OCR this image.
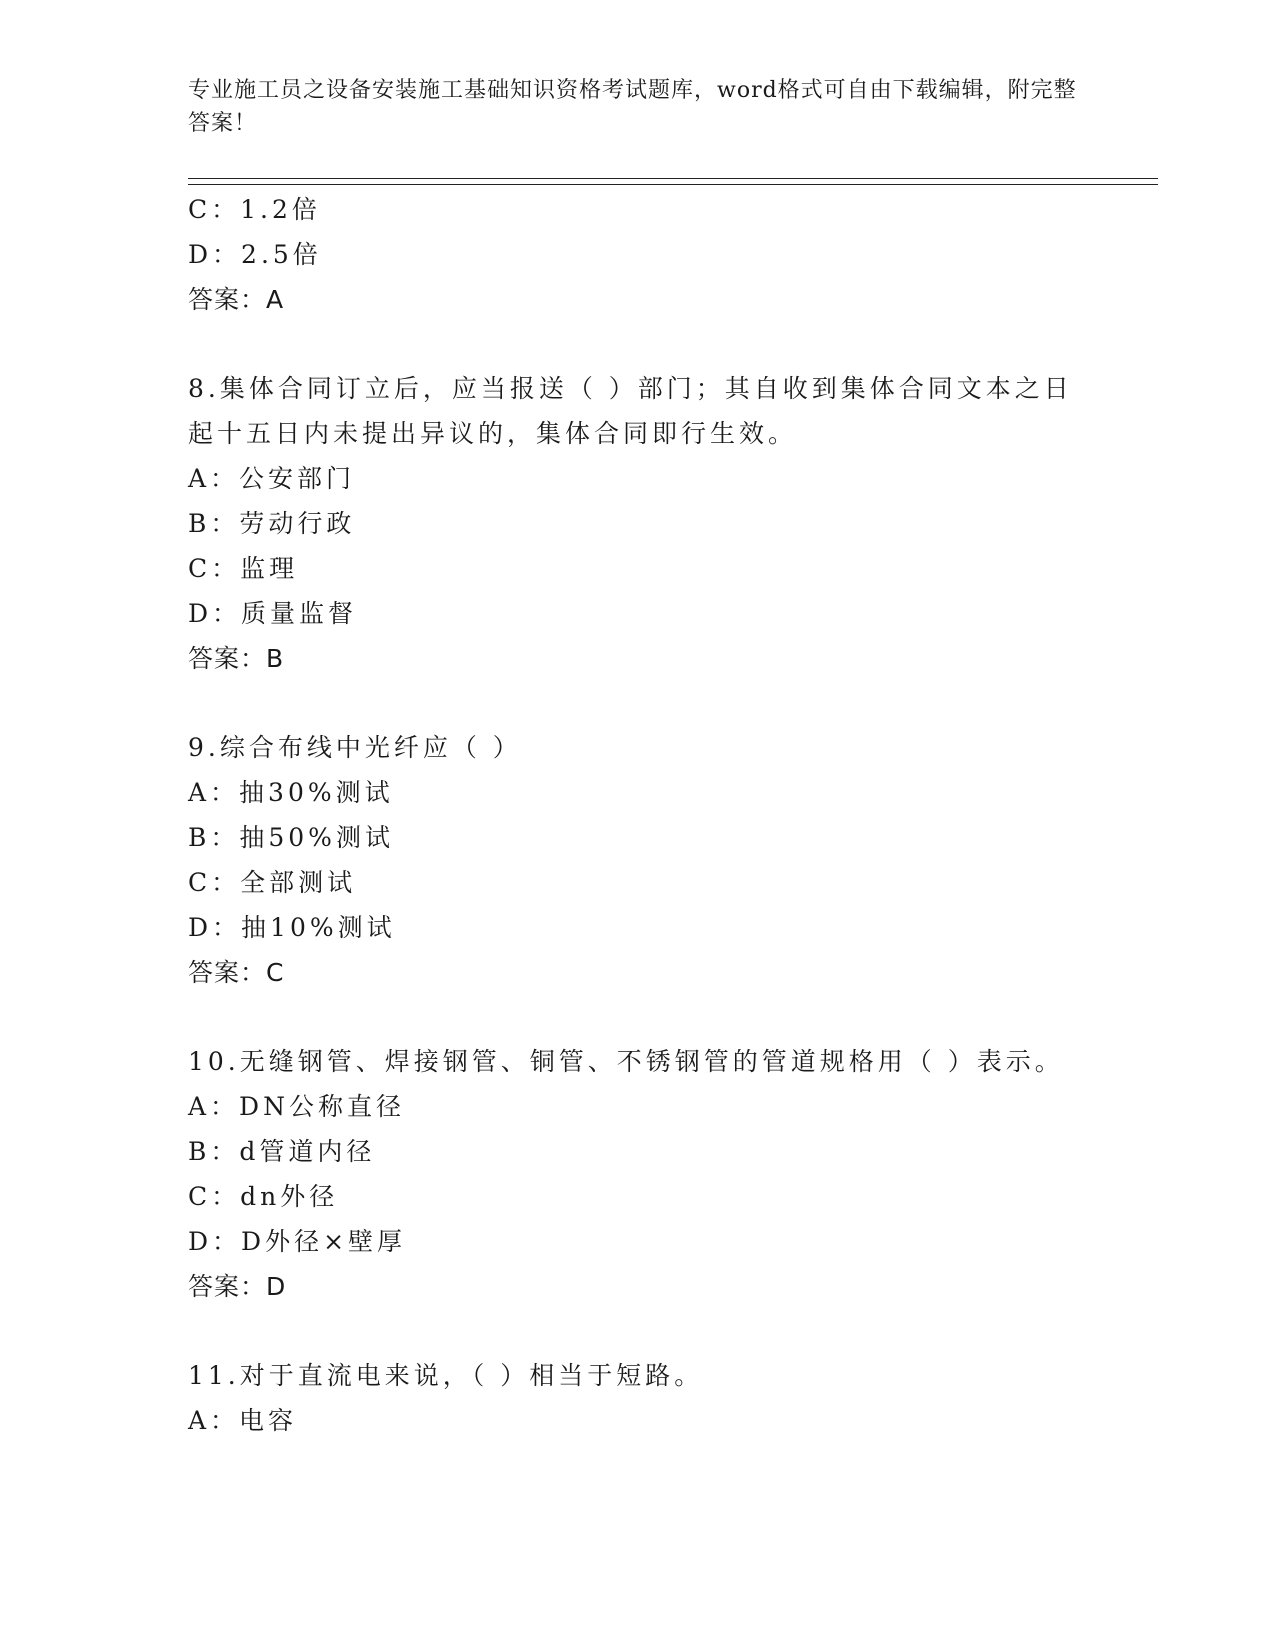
专业施工员之设备安装施工基础知识资格考试题库，word格式可自由下载编辑，附完整答案！
C：1.2倍
D：2.5倍
答案：A
8.集体合同订立后，应当报送（ ）部门；其自收到集体合同文本之日
起十五日内未提出异议的，集体合同即行生效。
A：公安部门
B：劳动行政
C：监理
D：质量监督
答案：B
9.综合布线中光纤应（ ）
A：抽30%测试
B：抽50%测试
C：全部测试
D：抽10%测试
答案：C
10.无缝钢管、焊接钢管、铜管、不锈钢管的管道规格用（ ）表示。
A：DN公称直径
B：d管道内径
C：dn外径
D：D外径×壁厚
答案：D
11.对于直流电来说，（ ）相当于短路。
A：电容
